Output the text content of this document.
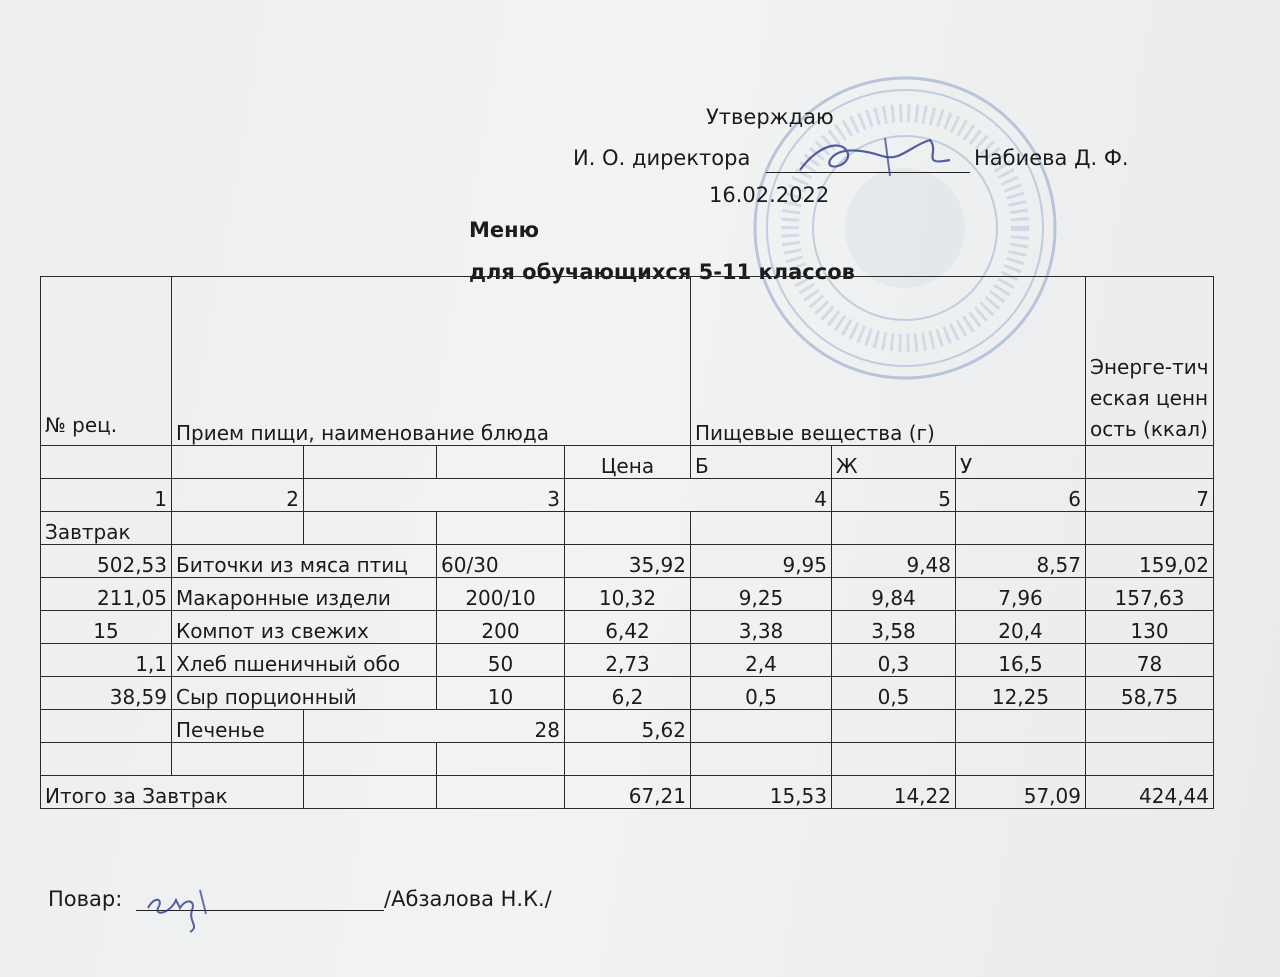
Утверждаю
И. О. директора	Набиева Д. Ф.
16.02.2022
Меню
для обучающихся 5-11 классов
№ рец.	Прием пищи, наименование блюда				Пищевые вещества (г)			Энерге-тическая ценность (ккал)
				Цена	Б	Ж	У	
1	2	3		4		5	6	7
Завтрак								
502,53	Биточки из мяса птиц		60/30	35,92	9,95	9,48	8,57	159,02
211,05	Макаронные издели		200/10	10,32	9,25	9,84	7,96	157,63
15	Компот из свежих		200	6,42	3,38	3,58	20,4	130
1,1	Хлеб пшеничный обо		50	2,73	2,4	0,3	16,5	78
38,59	Сыр порционный		10	6,2	0,5	0,5	12,25	58,75
	Печенье	28		5,62				

Итого за Завтрак				67,21	15,53	14,22	57,09	424,44
Повар:	/Абзалова Н.К./
